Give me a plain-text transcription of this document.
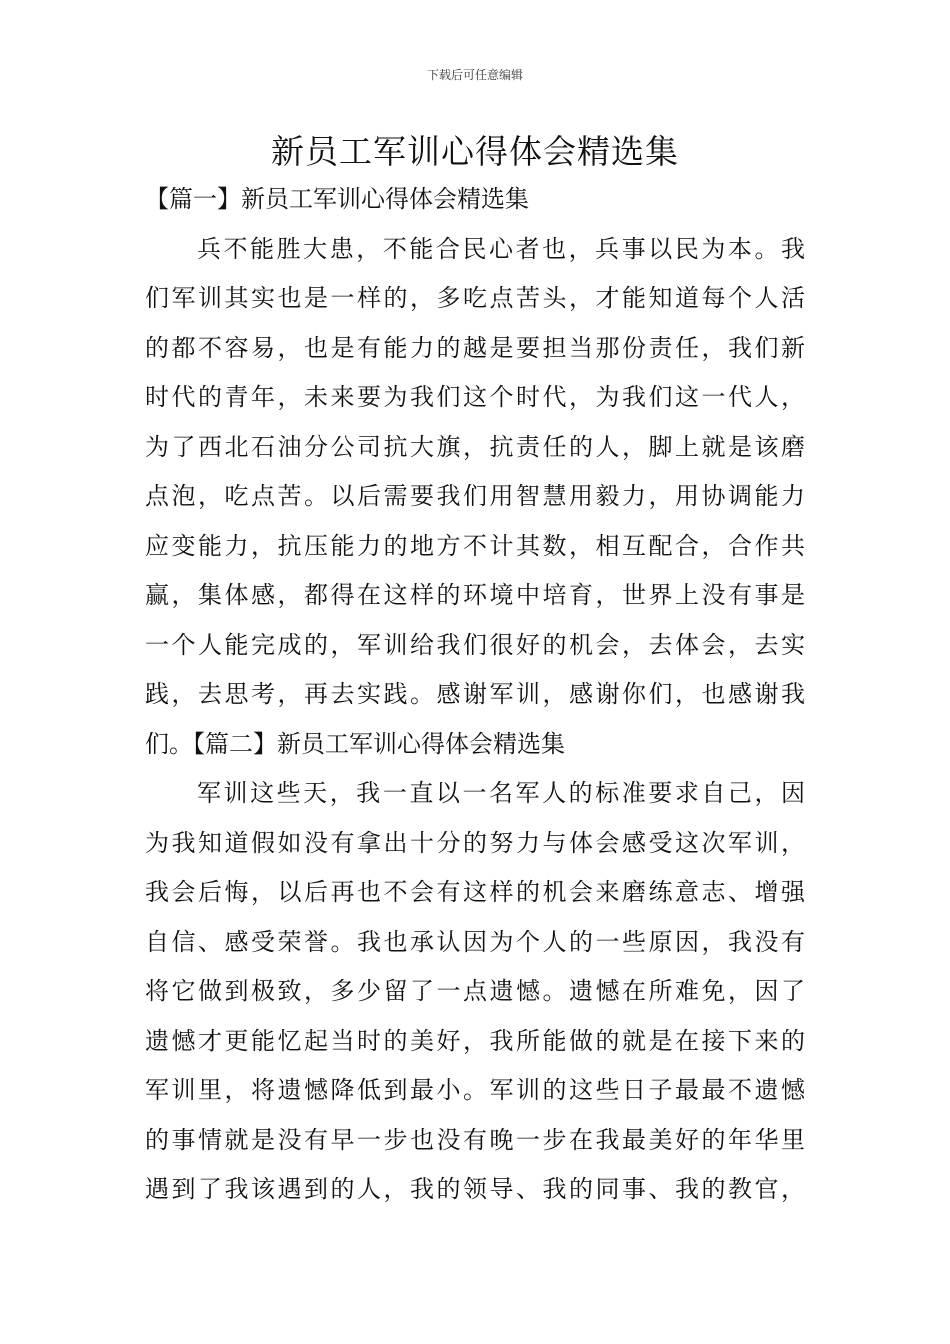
下载后可任意编辑
新员工军训心得体会精选集
【篇一】新员工军训心得体会精选集
兵不能胜大患，不能合民心者也，兵事以民为本。我
们军训其实也是一样的，多吃点苦头，才能知道每个人活
的都不容易，也是有能力的越是要担当那份责任，我们新
时代的青年，未来要为我们这个时代，为我们这一代人，
为了西北石油分公司抗大旗，抗责任的人，脚上就是该磨
点泡，吃点苦。以后需要我们用智慧用毅力，用协调能力
应变能力，抗压能力的地方不计其数，相互配合，合作共
赢，集体感，都得在这样的环境中培育，世界上没有事是
一个人能完成的，军训给我们很好的机会，去体会，去实
践，去思考，再去实践。感谢军训，感谢你们，也感谢我
们。【篇二】新员工军训心得体会精选集
军训这些天，我一直以一名军人的标准要求自己，因
为我知道假如没有拿出十分的努力与体会感受这次军训，
我会后悔，以后再也不会有这样的机会来磨练意志、增强
自信、感受荣誉。我也承认因为个人的一些原因，我没有
将它做到极致，多少留了一点遗憾。遗憾在所难免，因了
遗憾才更能忆起当时的美好，我所能做的就是在接下来的
军训里，将遗憾降低到最小。军训的这些日子最最不遗憾
的事情就是没有早一步也没有晚一步在我最美好的年华里
遇到了我该遇到的人，我的领导、我的同事、我的教官，
